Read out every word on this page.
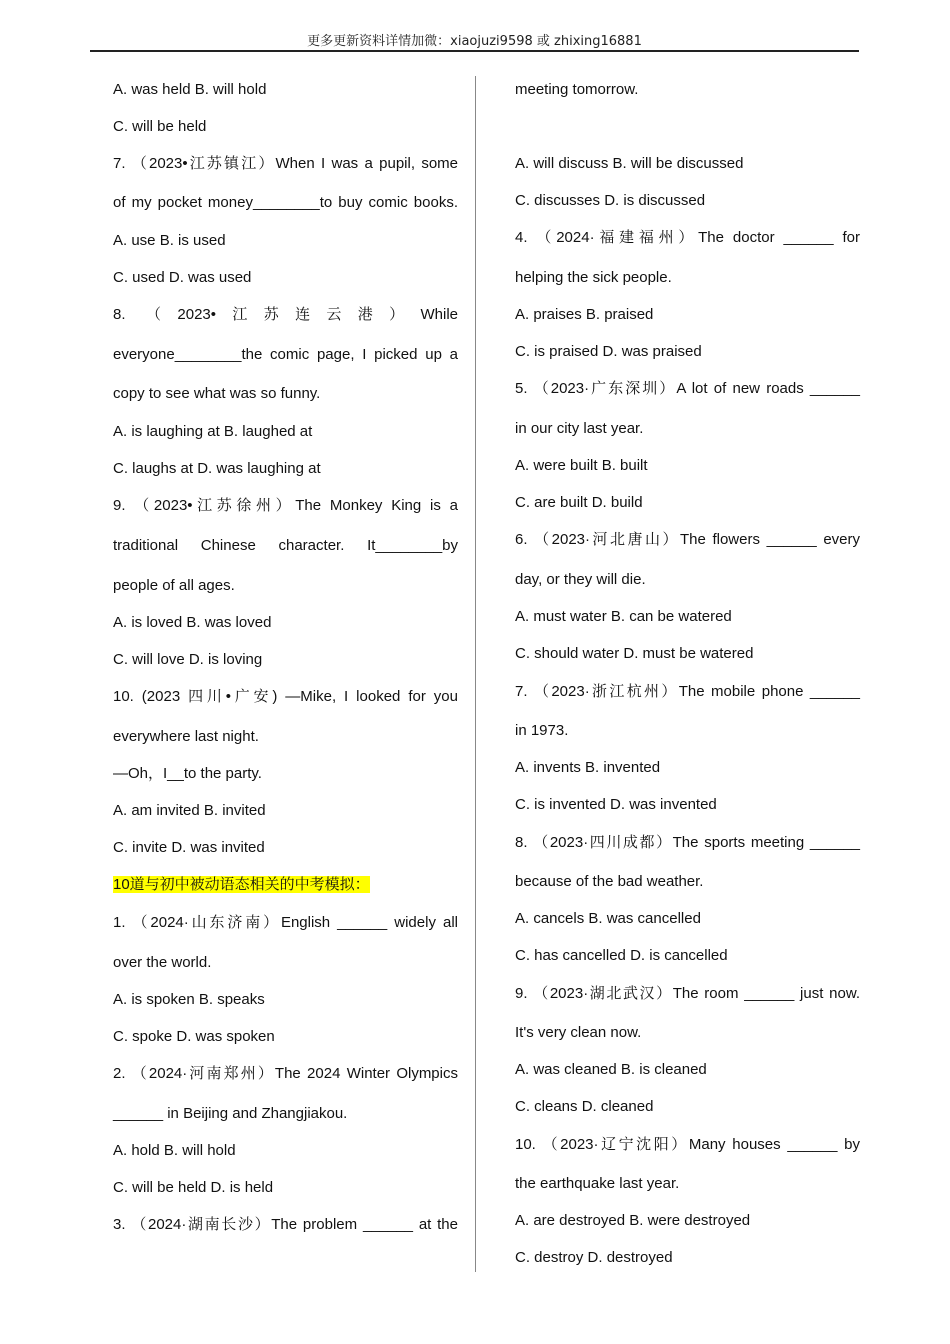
更多更新资料详情加微：xiaojuzi9598 或 zhixing16881
A. was held B. will hold
C. will be held
7. （2023•江苏镇江）When I was a pupil, some
of my pocket money________to buy comic books.
A. use B. is used
C. used D. was used
8. （2023•江苏连云港）While
everyone________the comic page, I picked up a
copy to see what was so funny.
A. is laughing at B. laughed at
C. laughs at D. was laughing at
9. （2023•江苏徐州）The Monkey King is a
traditional Chinese character. It________by
people of all ages.
A. is loved B. was loved
C. will love D. is loving
10. (2023 四川•广安) —Mike, I looked for you
everywhere last night.
—Oh，I__to the party.
A. am invited B. invited
C. invite D. was invited
10道与初中被动语态相关的中考模拟：
1. （2024·山东济南）English ______ widely all
over the world.
A. is spoken B. speaks
C. spoke D. was spoken
2. （2024·河南郑州）The 2024 Winter Olympics
______ in Beijing and Zhangjiakou.
A. hold B. will hold
C. will be held D. is held
3. （2024·湖南长沙）The problem ______ at the
meeting tomorrow.
A. will discuss B. will be discussed
C. discusses D. is discussed
4. （2024·福建福州）The doctor ______ for
helping the sick people.
A. praises B. praised
C. is praised D. was praised
5. （2023·广东深圳）A lot of new roads ______
in our city last year.
A. were built B. built
C. are built D. build
6. （2023·河北唐山）The flowers ______ every
day, or they will die.
A. must water B. can be watered
C. should water D. must be watered
7. （2023·浙江杭州）The mobile phone ______
in 1973.
A. invents B. invented
C. is invented D. was invented
8. （2023·四川成都）The sports meeting ______
because of the bad weather.
A. cancels B. was cancelled
C. has cancelled D. is cancelled
9. （2023·湖北武汉）The room ______ just now.
It's very clean now.
A. was cleaned B. is cleaned
C. cleans D. cleaned
10. （2023·辽宁沈阳）Many houses ______ by
the earthquake last year.
A. are destroyed B. were destroyed
C. destroy D. destroyed
